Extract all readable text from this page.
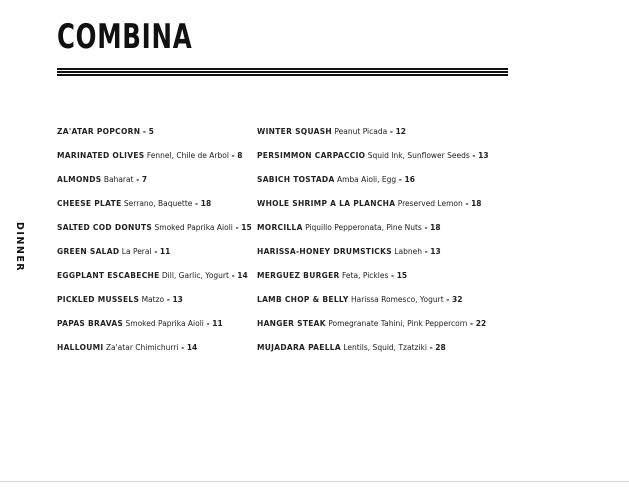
COMBINA
DINNER
ZA'ATAR POPCORN - 5
MARINATED OLIVES Fennel, Chile de Arbol - 8
ALMONDS Baharat - 7
CHEESE PLATE Serrano, Baquette - 18
SALTED COD DONUTS Smoked Paprika Aioli - 15
GREEN SALAD La Peral - 11
EGGPLANT ESCABECHE Dill, Garlic, Yogurt - 14
PICKLED MUSSELS Matzo - 13
PAPAS BRAVAS Smoked Paprika Aioli - 11
HALLOUMI Za'atar Chimichurri - 14
WINTER SQUASH Peanut Picada - 12
PERSIMMON CARPACCIO Squid Ink, Sunflower Seeds - 13
SABICH TOSTADA Amba Aioli, Egg - 16
WHOLE SHRIMP A LA PLANCHA Preserved Lemon - 18
MORCILLA Piquillo Pepperonata, Pine Nuts - 18
HARISSA-HONEY DRUMSTICKS Labneh - 13
MERGUEZ BURGER Feta, Pickles - 15
LAMB CHOP & BELLY Harissa Romesco, Yogurt - 32
HANGER STEAK Pomegranate Tahini, Pink Peppercorn - 22
MUJADARA PAELLA Lentils, Squid, Tzatziki - 28
